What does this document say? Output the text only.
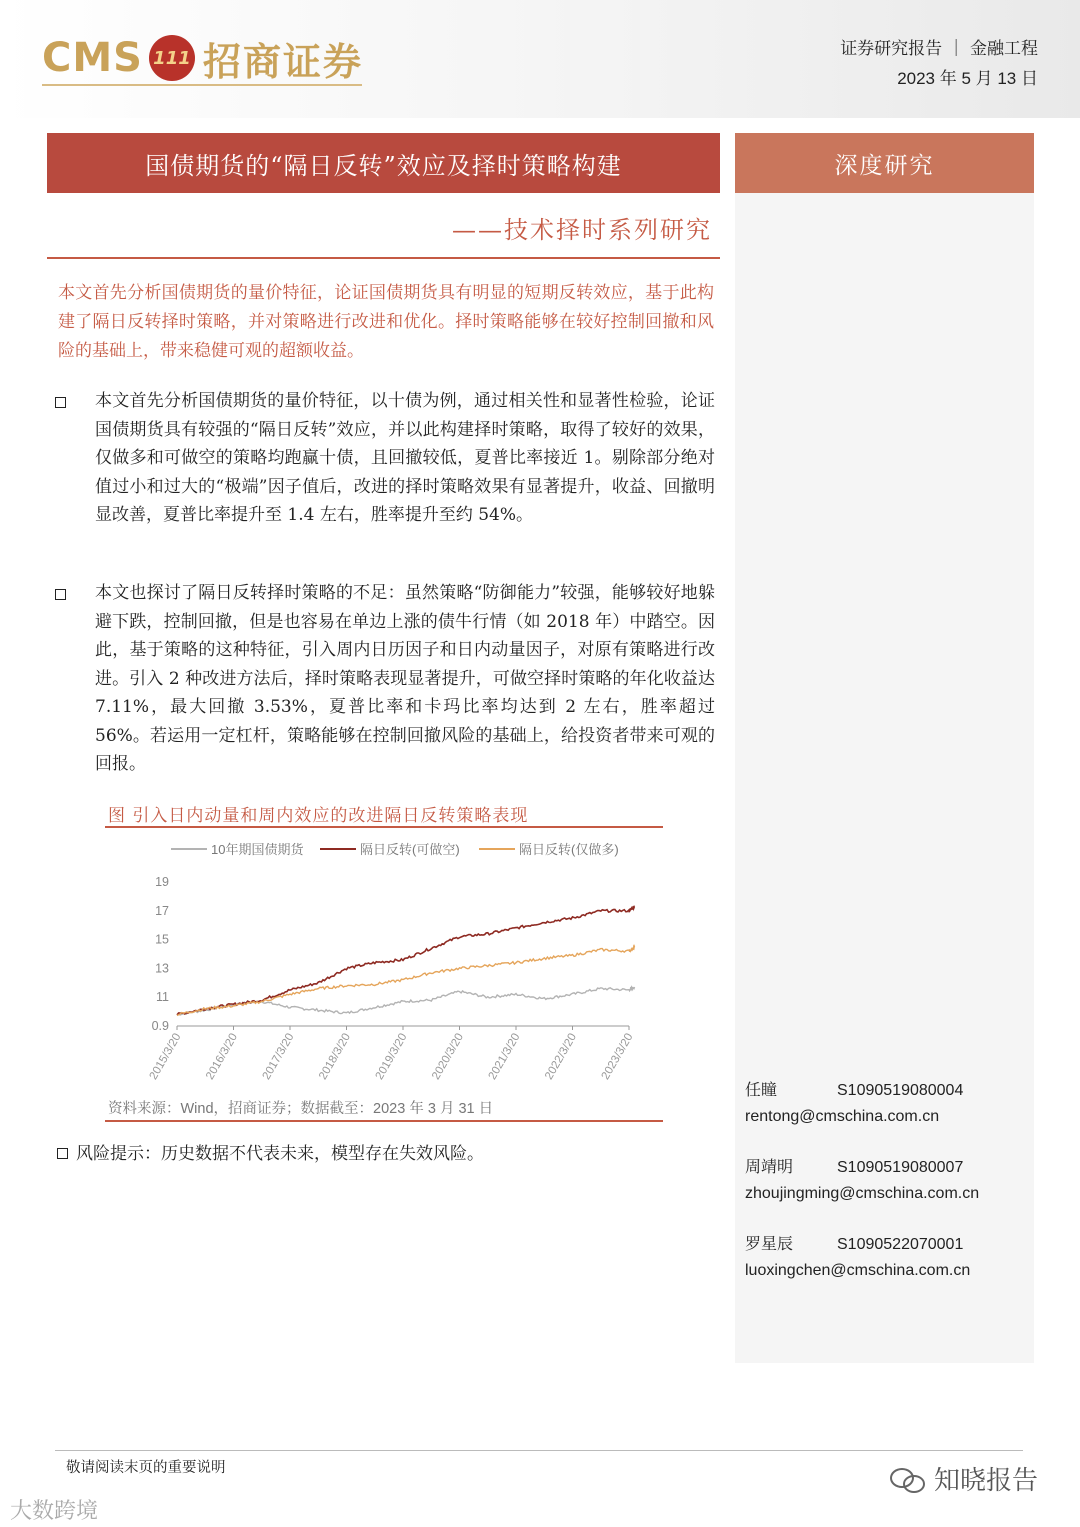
CMS 111 招商证券	证券研究报告 ｜ 金融工程
2023 年 5 月 13 日
国债期货的“隔日反转”效应及择时策略构建	深度研究
——技术择时系列研究
本文首先分析国债期货的量价特征，论证国债期货具有明显的短期反转效应，基于此构建了隔日反转择时策略，并对策略进行改进和优化。择时策略能够在较好控制回撤和风险的基础上，带来稳健可观的超额收益。
本文首先分析国债期货的量价特征，以十债为例，通过相关性和显著性检验，论证国债期货具有较强的“隔日反转”效应，并以此构建择时策略，取得了较好的效果，仅做多和可做空的策略均跑赢十债，且回撤较低，夏普比率接近 1。剔除部分绝对值过小和过大的“极端”因子值后，改进的择时策略效果有显著提升，收益、回撤明显改善，夏普比率提升至 1.4 左右，胜率提升至约 54%。
本文也探讨了隔日反转择时策略的不足：虽然策略“防御能力”较强，能够较好地躲避下跌，控制回撤，但是也容易在单边上涨的债牛行情（如 2018 年）中踏空。因此，基于策略的这种特征，引入周内日历因子和日内动量因子，对原有策略进行改进。引入 2 种改进方法后，择时策略表现显著提升，可做空择时策略的年化收益达 7.11%，最大回撤 3.53%，夏普比率和卡玛比率均达到 2 左右，胜率超过 56%。若运用一定杠杆，策略能够在控制回撤风险的基础上，给投资者带来可观的回报。
图 引入日内动量和周内效应的改进隔日反转策略表现
10年期国债期货	隔日反转(可做空)	隔日反转(仅做多)
0.9
11
13
15
17
19
2015/3/20 2016/3/20 2017/3/20 2018/3/20 2019/3/20 2020/3/20 2021/3/20 2022/3/20 2023/3/20
资料来源：Wind，招商证券；数据截至：2023 年 3 月 31 日
风险提示：历史数据不代表未来，模型存在失效风险。
任瞳	S1090519080004
rentong@cmschina.com.cn
周靖明	S1090519080007
zhoujingming@cmschina.com.cn
罗星辰	S1090522070001
luoxingchen@cmschina.com.cn
敬请阅读末页的重要说明	知晓报告
大数跨境
